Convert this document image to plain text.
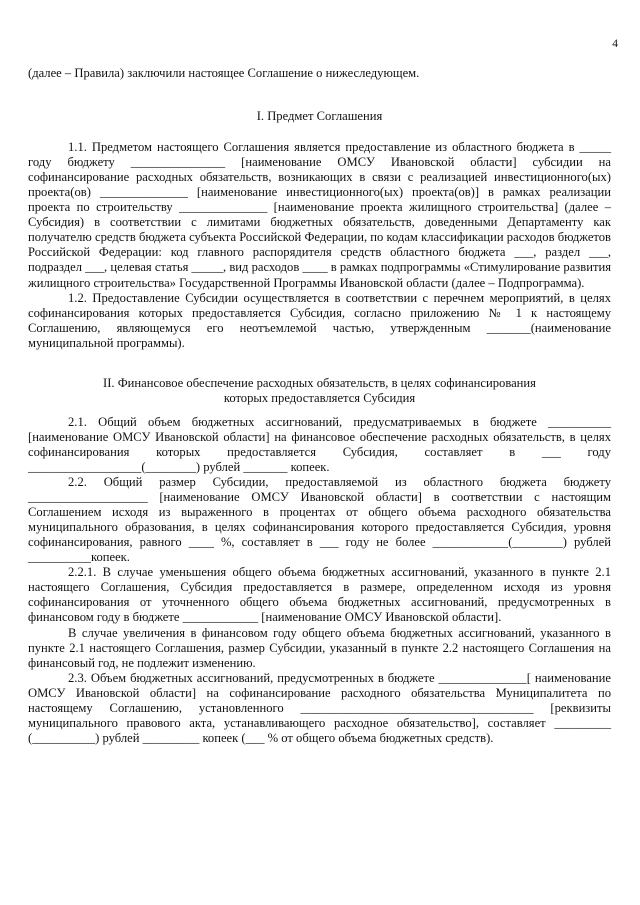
4

(далее – Правила) заключили настоящее Соглашение о нижеследующем.

I. Предмет Соглашения

1.1. Предметом настоящего Соглашения является предоставление из областного бюджета в _____ году бюджету _______________ [наименование ОМСУ Ивановской области] субсидии на софинансирование расходных обязательств, возникающих в связи с реализацией инвестиционного(ых) проекта(ов) ______________ [наименование инвестиционного(ых) проекта(ов)] в рамках реализации проекта по строительству ______________ [наименование проекта жилищного строительства] (далее – Субсидия) в соответствии с лимитами бюджетных обязательств, доведенными Департаменту как получателю средств бюджета субъекта Российской Федерации, по кодам классификации расходов бюджетов Российской Федерации: код главного распорядителя средств областного бюджета ___, раздел ___, подраздел ___, целевая статья _____, вид расходов ____ в рамках подпрограммы «Стимулирование развития жилищного строительства» Государственной Программы Ивановской области (далее – Подпрограмма).

1.2. Предоставление Субсидии осуществляется в соответствии с перечнем мероприятий, в целях софинансирования которых предоставляется Субсидия, согласно приложению № 1 к настоящему Соглашению, являющемуся его неотъемлемой частью, утвержденным _______(наименование муниципальной программы).

II. Финансовое обеспечение расходных обязательств, в целях софинансирования

которых предоставляется Субсидия

2.1. Общий объем бюджетных ассигнований, предусматриваемых в бюджете __________ [наименование ОМСУ Ивановской области] на финансовое обеспечение расходных обязательств, в целях софинансирования которых предоставляется Субсидия, составляет в ___ году __________________(________) рублей _______ копеек.

2.2. Общий размер Субсидии, предоставляемой из областного бюджета бюджету ___________________ [наименование ОМСУ Ивановской области] в соответствии с настоящим Соглашением исходя из выраженного в процентах от общего объема расходного обязательства муниципального образования, в целях софинансирования которого предоставляется Субсидия, уровня софинансирования, равного ____ %, составляет в ___ году не более ____________(________) рублей __________копеек.

2.2.1. В случае уменьшения общего объема бюджетных ассигнований, указанного в пункте 2.1 настоящего Соглашения, Субсидия предоставляется в размере, определенном исходя из уровня софинансирования от уточненного общего объема бюджетных ассигнований, предусмотренных в финансовом году в бюджете ____________ [наименование ОМСУ Ивановской области].

В случае увеличения в финансовом году общего объема бюджетных ассигнований, указанного в пункте 2.1 настоящего Соглашения, размер Субсидии, указанный в пункте 2.2 настоящего Соглашения на финансовый год, не подлежит изменению.

2.3. Объем бюджетных ассигнований, предусмотренных в бюджете ______________[ наименование ОМСУ Ивановской области] на софинансирование расходного обязательства Муниципалитета по настоящему Соглашению, установленного _____________________________________ [реквизиты муниципального правового акта, устанавливающего расходное обязательство], составляет _________ (__________) рублей _________ копеек (___ % от общего объема бюджетных средств).
